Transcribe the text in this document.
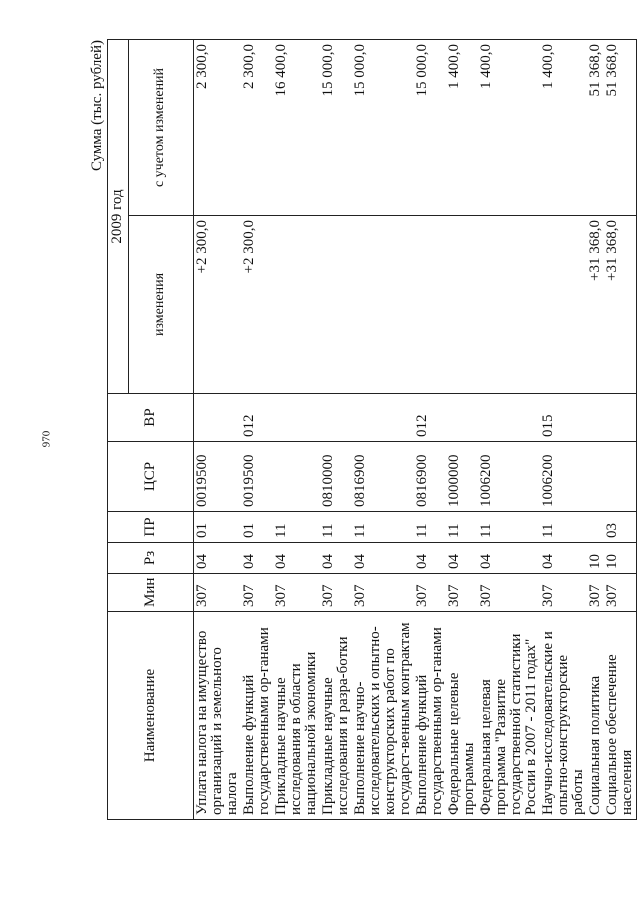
970
Сумма (тыс. рублей)
Наименование	Мин	Рз	ПР	ЦСР	ВР	2009 год	
						изменения	с учетом изменений
Уплата налога на имущество организаций и земельного налога	307	04	01	0019500		+2 300,0	2 300,0
Выполнение функций государственными ор-ганами	307	04	01	0019500	012	+2 300,0	2 300,0
Прикладные научные исследования в области национальной экономики	307	04	11				16 400,0
Прикладные научные исследования и разра-ботки	307	04	11	0810000			15 000,0
Выполнение научно-исследовательских и опытно-конструкторских работ по государст-венным контрактам	307	04	11	0816900			15 000,0
Выполнение функций государственными ор-ганами	307	04	11	0816900	012		15 000,0
Федеральные целевые программы	307	04	11	1000000			1 400,0
Федеральная целевая программа "Развитие государственной статистики России в 2007 - 2011 годах"	307	04	11	1006200			1 400,0
Научно-исследовательские и опытно-конструкторские работы	307	04	11	1006200	015		1 400,0
Социальная политика	307	10				+31 368,0	51 368,0
Социальное обеспечение населения	307	10	03			+31 368,0	51 368,0
